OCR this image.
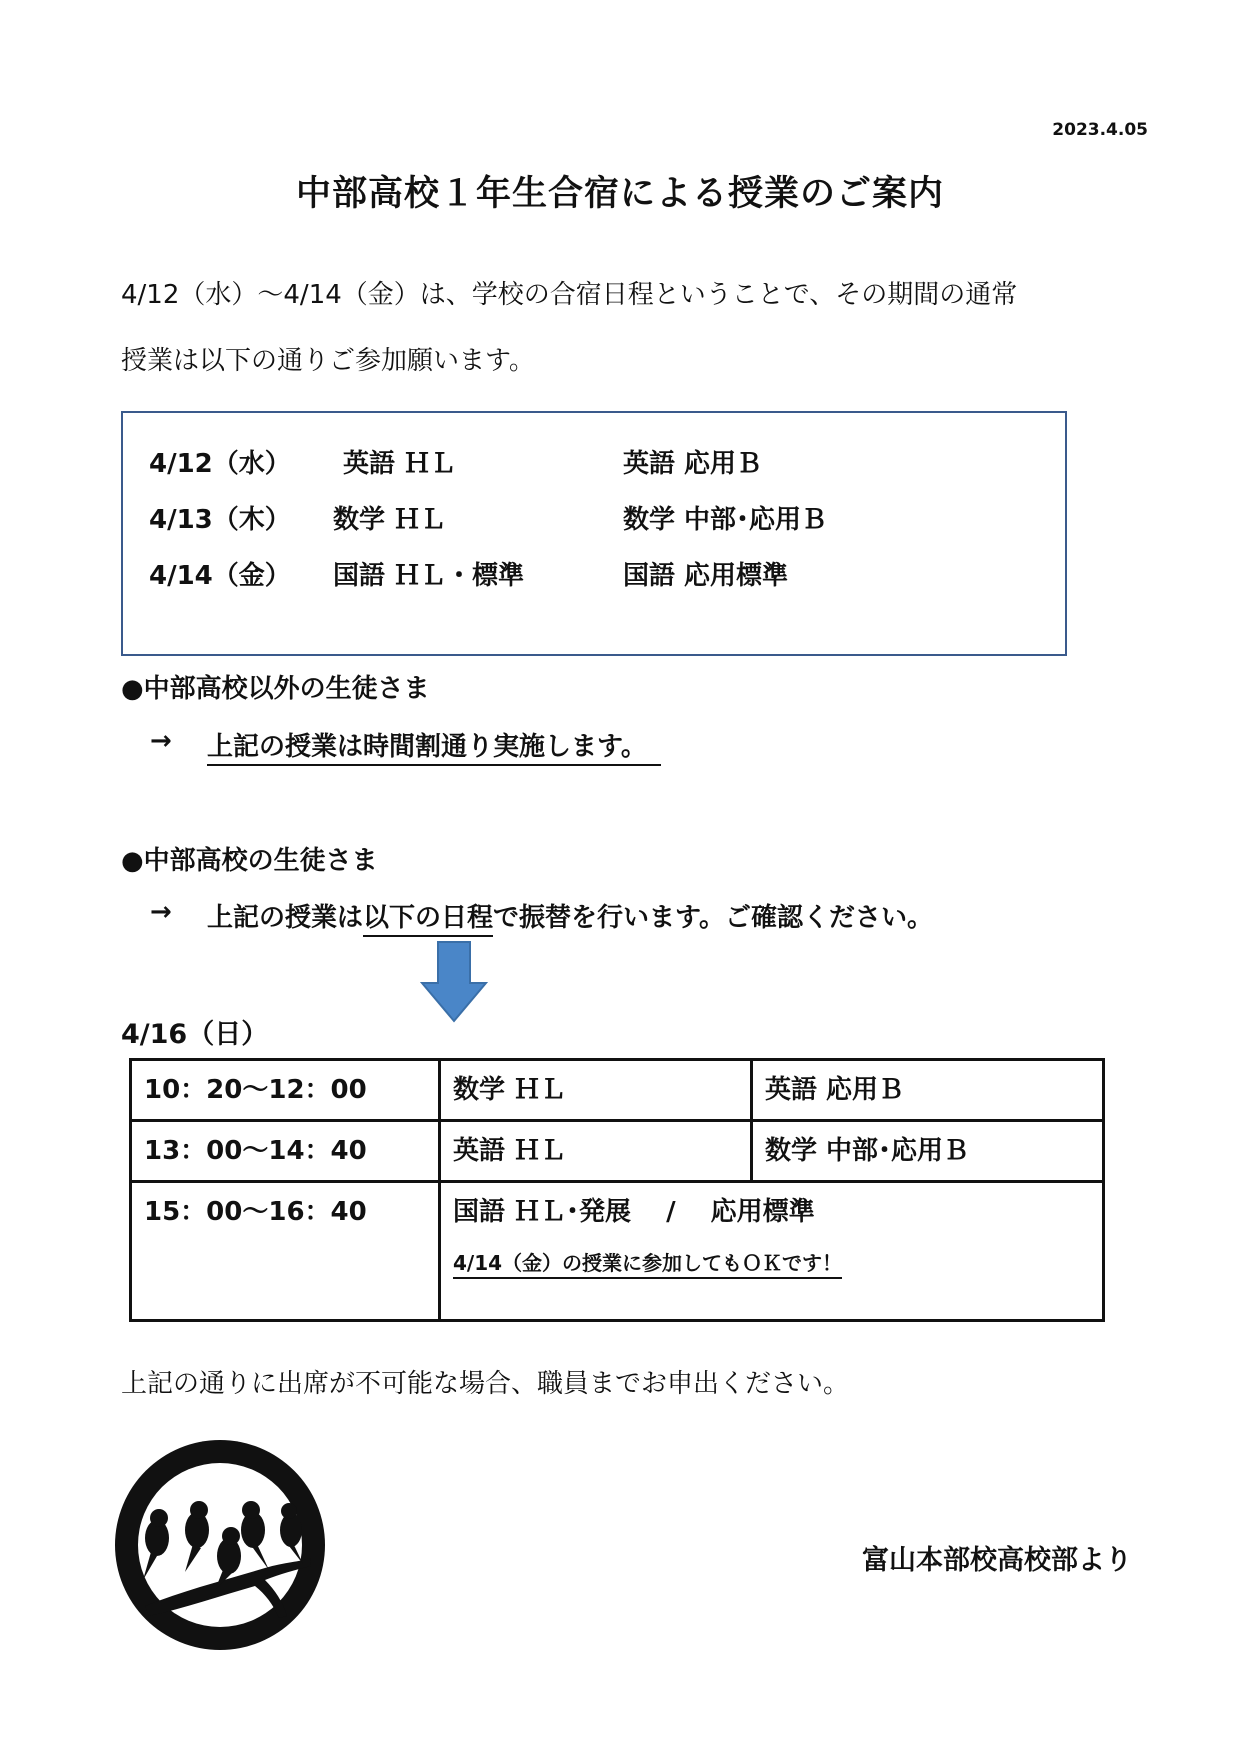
2023.4.05
中部高校１年生合宿による授業のご案内
4/12（水）～4/14（金）は、学校の合宿日程ということで、その期間の通常
授業は以下の通りご参加願います。
4/12（水） 英語 ＨＬ	英語 応用Ｂ
4/13（木） 数学 ＨＬ	数学 中部･応用Ｂ
4/14（金） 国語 ＨＬ・標準	国語 応用標準
●中部高校以外の生徒さま
→ 上記の授業は時間割通り実施します。
●中部高校の生徒さま
→ 上記の授業は以下の日程で振替を行います。ご確認ください。
4/16（日）
10：20～12：00	数学 ＨＬ	英語 応用Ｂ
13：00～14：40	英語 ＨＬ	数学 中部･応用Ｂ
15：00～16：40	国語 ＨＬ･発展　 /　 応用標準
4/14（金）の授業に参加してもＯＫです！	
上記の通りに出席が不可能な場合、職員までお申出ください。
富山本部校高校部より
